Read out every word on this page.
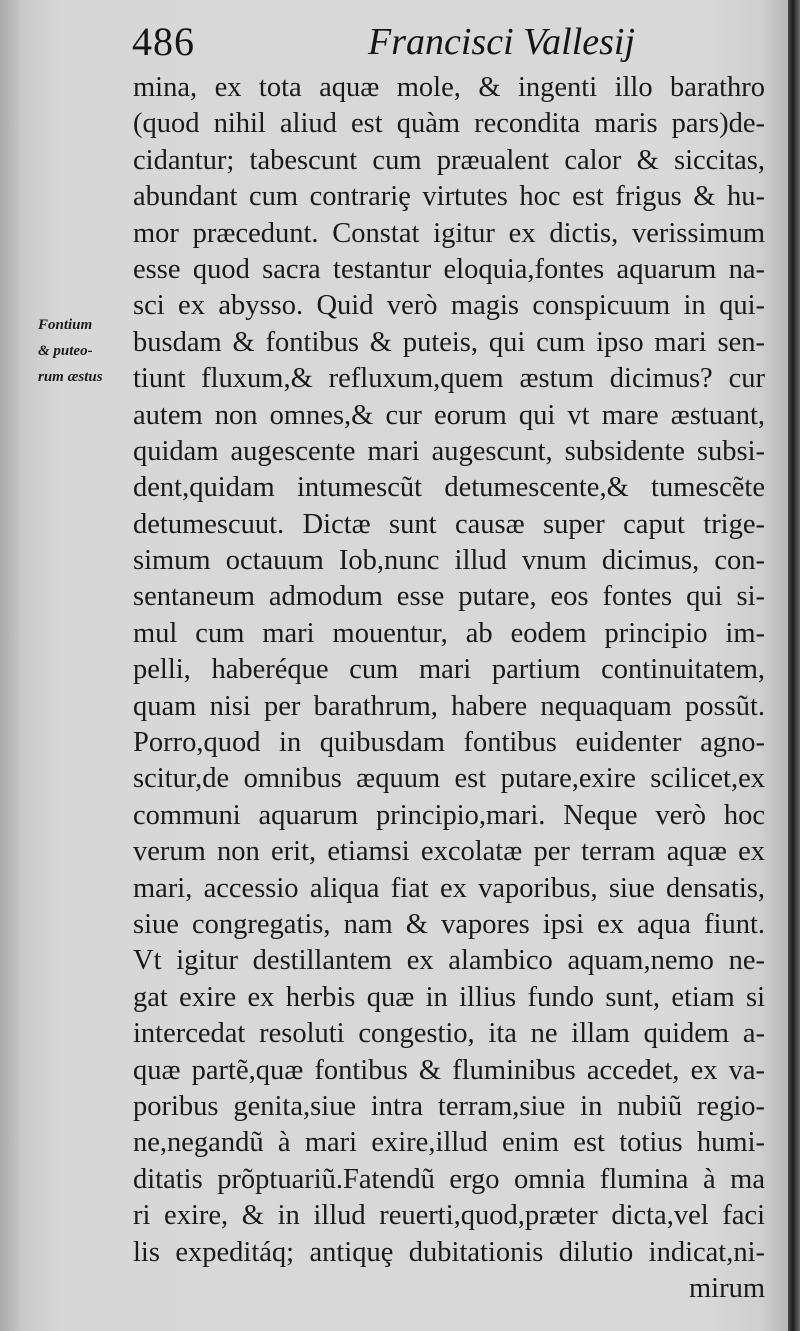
486	Francisci Vallesij
Fontium
& puteo-
rum æstus
mina, ex tota aquæ mole, & ingenti illo barathro
(quod nihil aliud est quàm recondita maris pars)de-
cidantur; tabescunt cum præualent calor & siccitas,
abundant cum contrariȩ virtutes hoc est frigus & hu-
mor præcedunt. Constat igitur ex dictis, verissimum
esse quod sacra testantur eloquia,fontes aquarum na-
sci ex abysso. Quid verò magis conspicuum in qui-
busdam & fontibus & puteis, qui cum ipso mari sen-
tiunt fluxum,& refluxum,quem æstum dicimus? cur
autem non omnes,& cur eorum qui vt mare æstuant,
quidam augescente mari augescunt, subsidente subsi-
dent,quidam intumescũt detumescente,& tumescẽte
detumescuut. Dictæ sunt causæ super caput trige-
simum octauum Iob,nunc illud vnum dicimus, con-
sentaneum admodum esse putare, eos fontes qui si-
mul cum mari mouentur, ab eodem principio im-
pelli, haberéque cum mari partium continuitatem,
quam nisi per barathrum, habere nequaquam possũt.
Porro,quod in quibusdam fontibus euidenter agno-
scitur,de omnibus æquum est putare,exire scilicet,ex
communi aquarum principio,mari. Neque verò hoc
verum non erit, etiamsi excolatæ per terram aquæ ex
mari, accessio aliqua fiat ex vaporibus, siue densatis,
siue congregatis, nam & vapores ipsi ex aqua fiunt.
Vt igitur destillantem ex alambico aquam,nemo ne-
gat exire ex herbis quæ in illius fundo sunt, etiam si
intercedat resoluti congestio, ita ne illam quidem a-
quæ partẽ,quæ fontibus & fluminibus accedet, ex va-
poribus genita,siue intra terram,siue in nubiũ regio-
ne,negandũ à mari exire,illud enim est totius humi-
ditatis prõptuariũ.Fatendũ ergo omnia flumina à ma
ri exire, & in illud reuerti,quod,præter dicta,vel faci
lis expeditáq; antiquȩ dubitationis dilutio indicat,ni-
mirum
